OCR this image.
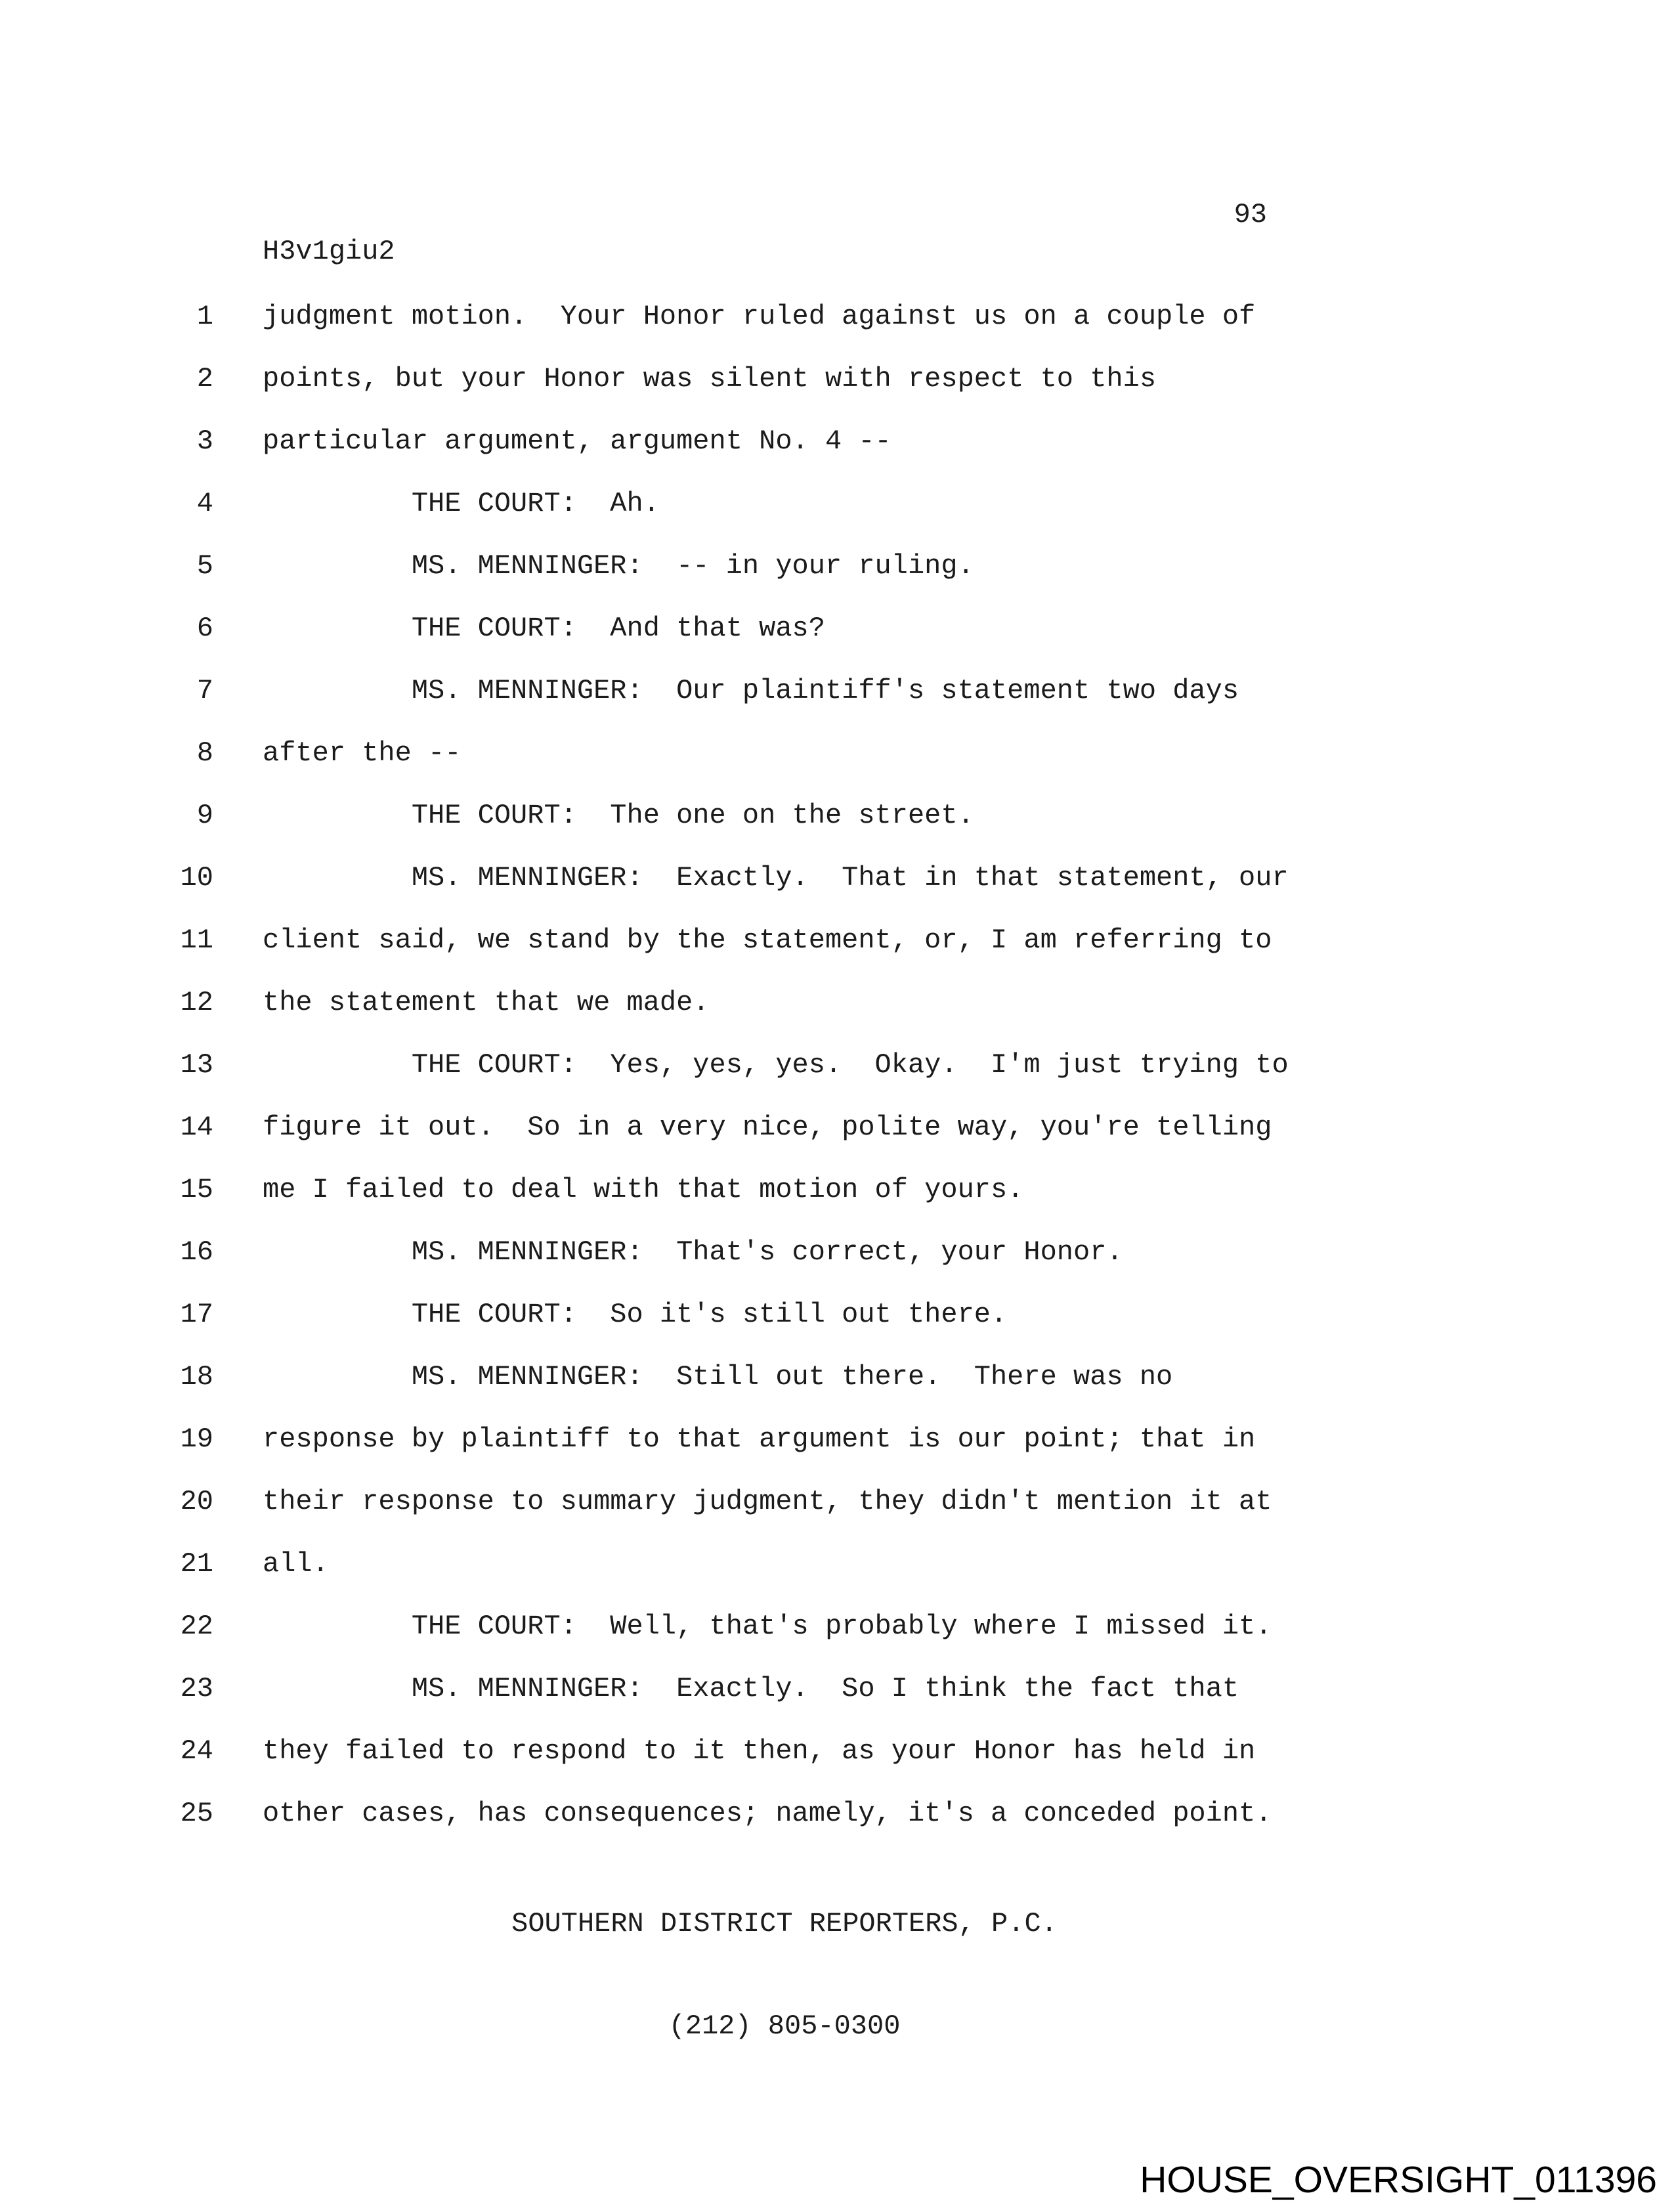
93
H3v1giu2
1 judgment motion.  Your Honor ruled against us on a couple of
2 points, but your Honor was silent with respect to this
3 particular argument, argument No. 4 --
4 THE COURT:  Ah.
5 MS. MENNINGER:  -- in your ruling.
6 THE COURT:  And that was?
7 MS. MENNINGER:  Our plaintiff's statement two days
8 after the --
9 THE COURT:  The one on the street.
10 MS. MENNINGER:  Exactly.  That in that statement, our
11 client said, we stand by the statement, or, I am referring to
12 the statement that we made.
13 THE COURT:  Yes, yes, yes.  Okay.  I'm just trying to
14 figure it out.  So in a very nice, polite way, you're telling
15 me I failed to deal with that motion of yours.
16 MS. MENNINGER:  That's correct, your Honor.
17 THE COURT:  So it's still out there.
18 MS. MENNINGER:  Still out there.  There was no
19 response by plaintiff to that argument is our point; that in
20 their response to summary judgment, they didn't mention it at
21 all.
22 THE COURT:  Well, that's probably where I missed it.
23 MS. MENNINGER:  Exactly.  So I think the fact that
24 they failed to respond to it then, as your Honor has held in
25 other cases, has consequences; namely, it's a conceded point.

SOUTHERN DISTRICT REPORTERS, P.C.

(212) 805-0300

HOUSE_OVERSIGHT_011396
